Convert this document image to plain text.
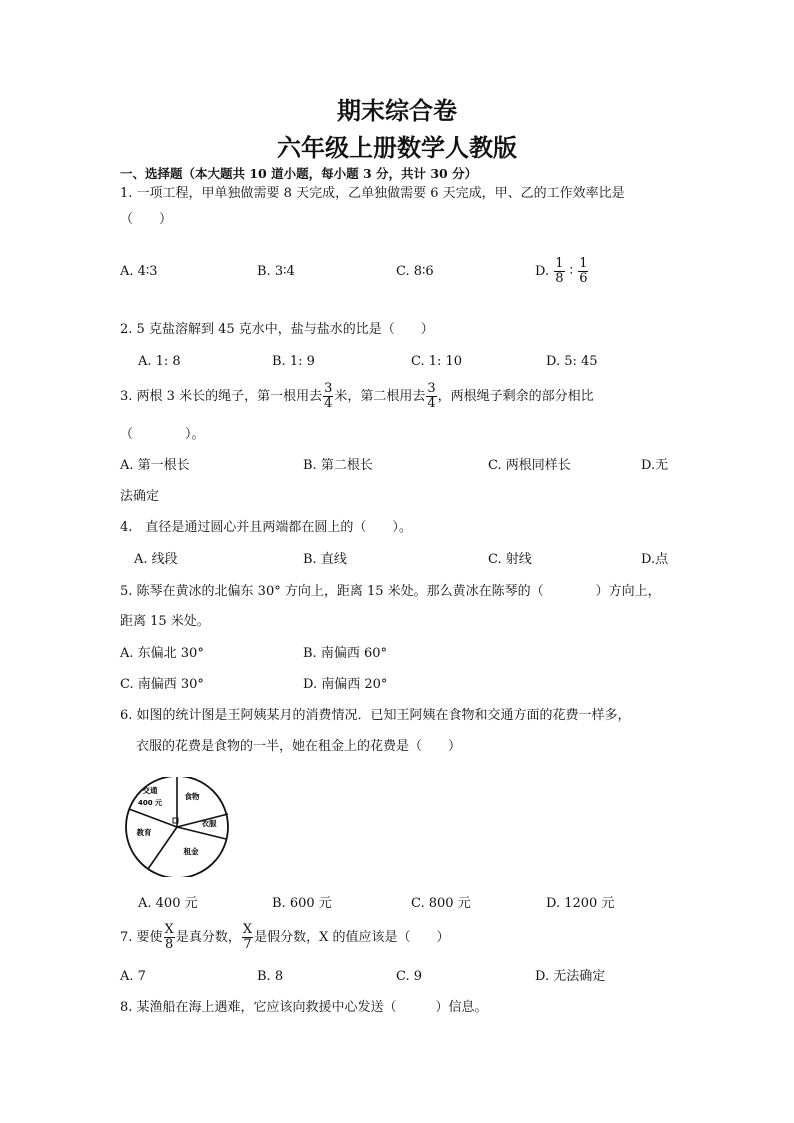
期末综合卷
六年级上册数学人教版
一、选择题（本大题共 10 道小题，每小题 3 分，共计 30 分）
1. 一项工程，甲单独做需要 8 天完成，乙单独做需要 6 天完成，甲、乙的工作效率比是
（　　）
A. 4∶3	B. 3∶4	C. 8∶6	D. $\frac{1}{8}$ ∶ $\frac{1}{6}$
2. 5 克盐溶解到 45 克水中，盐与盐水的比是（　　）
A. 1: 8	B. 1: 9	C. 1: 10	D. 5: 45
3. 两根 3 米长的绳子，第一根用去 $\frac{3}{4}$ 米，第二根用去 $\frac{3}{4}$ ，两根绳子剩余的部分相比
（　　　　）。
A. 第一根长	B. 第二根长	C. 两根同样长	D.无
法确定
4.　直径是通过圆心并且两端都在圆上的（　　）。
A. 线段	B. 直线	C. 射线	D.点
5. 陈琴在黄冰的北偏东 30° 方向上，距离 15 米处。那么黄冰在陈琴的（　　　　）方向上，
距离 15 米处。
A. 东偏北 30°	B. 南偏西 60°
C. 南偏西 30°	D. 南偏西 20°
6. 如图的统计图是王阿姨某月的消费情况．已知王阿姨在食物和交通方面的花费一样多，
衣服的花费是食物的一半，她在租金上的花费是（　　）
交通
400 元
食物
衣服
教育
租金
A. 400 元	B. 600 元	C. 800 元	D. 1200 元
7. 要使 $\frac{X}{8}$ 是真分数， $\frac{X}{7}$ 是假分数，X 的值应该是（　　）
A. 7	B. 8	C. 9	D. 无法确定
8. 某渔船在海上遇难，它应该向救援中心发送（　　　）信息。
